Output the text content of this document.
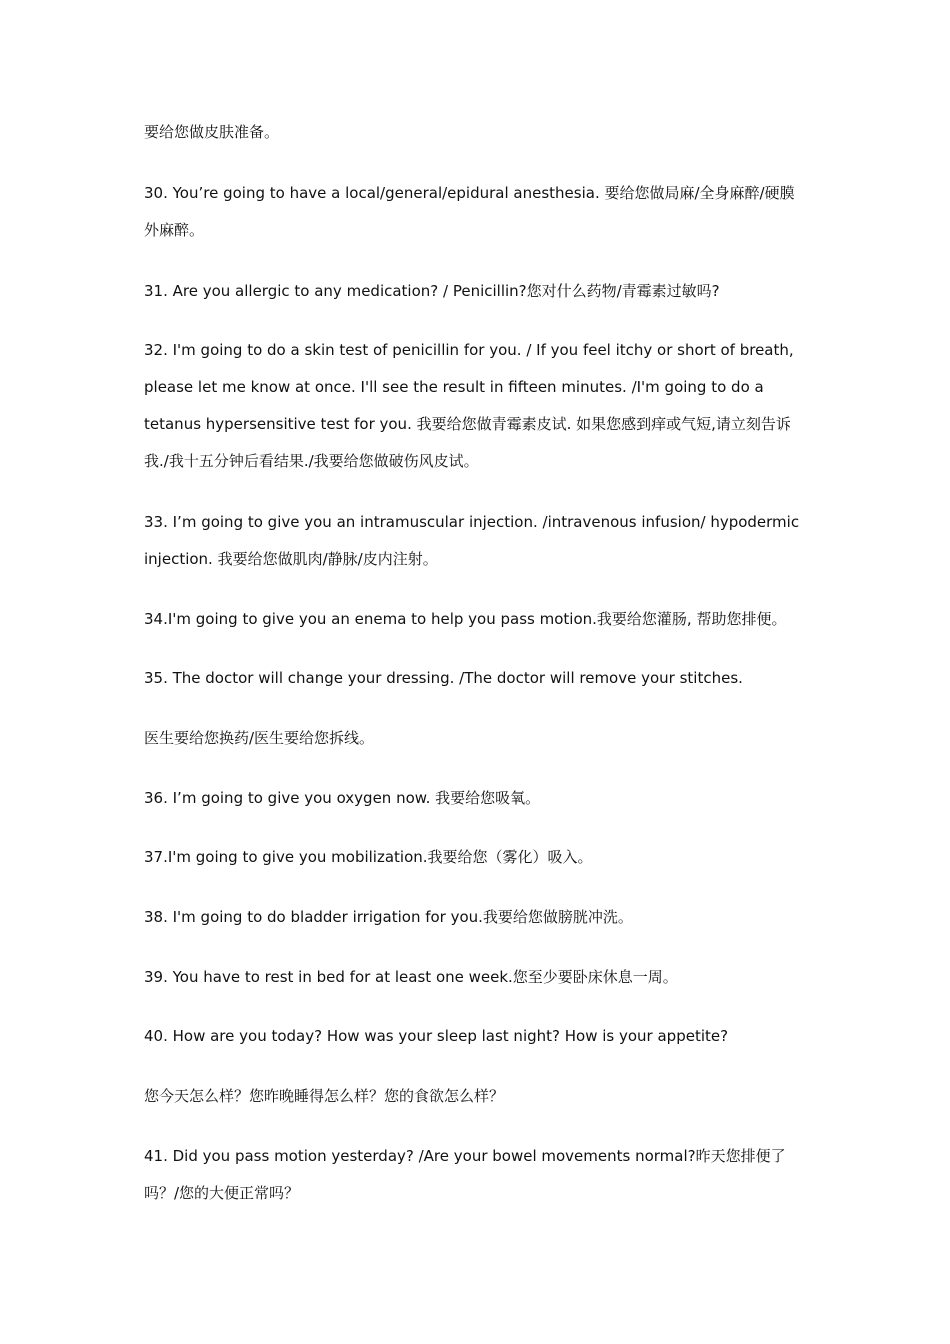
要给您做皮肤准备。
30. You’re going to have a local/general/epidural anesthesia. 要给您做局麻/全身麻醉/硬膜外麻醉。
31. Are you allergic to any medication? / Penicillin?您对什么药物/青霉素过敏吗?
32. I'm going to do a skin test of penicillin for you. / If you feel itchy or short of breath, please let me know at once. I'll see the result in fifteen minutes. /I'm going to do a tetanus hypersensitive test for you. 我要给您做青霉素皮试. 如果您感到痒或气短,请立刻告诉我./我十五分钟后看结果./我要给您做破伤风皮试。
33. I’m going to give you an intramuscular injection. /intravenous infusion/ hypodermic injection. 我要给您做肌肉/静脉/皮内注射。
34.I'm going to give you an enema to help you pass motion.我要给您灌肠, 帮助您排便。
35. The doctor will change your dressing. /The doctor will remove your stitches.
医生要给您换药/医生要给您拆线。
36. I’m going to give you oxygen now. 我要给您吸氧。
37.I'm going to give you mobilization.我要给您（雾化）吸入。
38. I'm going to do bladder irrigation for you.我要给您做膀胱冲洗。
39. You have to rest in bed for at least one week.您至少要卧床休息一周。
40. How are you today? How was your sleep last night? How is your appetite?
您今天怎么样？您昨晚睡得怎么样？您的食欲怎么样？
41. Did you pass motion yesterday? /Are your bowel movements normal?昨天您排便了吗？/您的大便正常吗？
